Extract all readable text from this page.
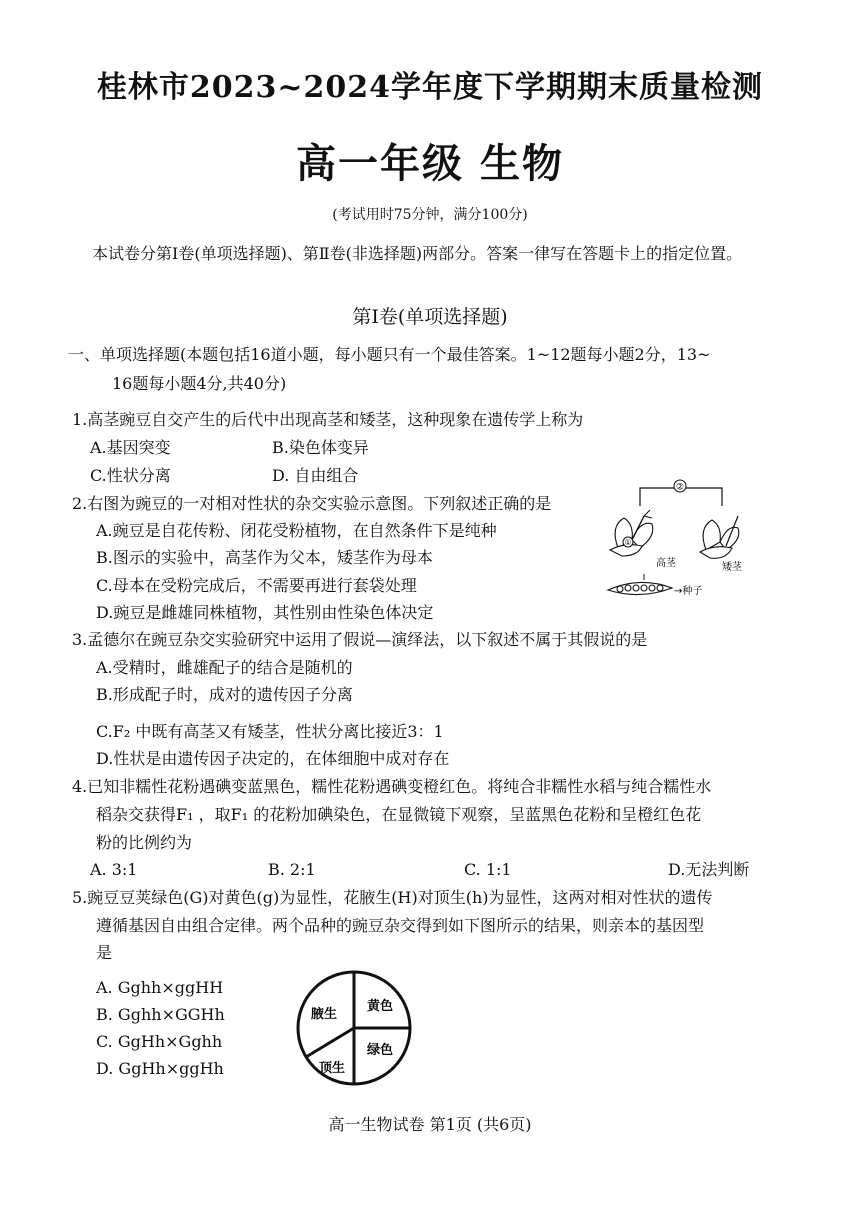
桂林市2023~2024学年度下学期期末质量检测
高一年级 生物
(考试用时75分钟，满分100分)
本试卷分第Ⅰ卷(单项选择题)、第Ⅱ卷(非选择题)两部分。答案一律写在答题卡上的指定位置。
第Ⅰ卷(单项选择题)
一、单项选择题(本题包括16道小题，每小题只有一个最佳答案。1~12题每小题2分，13~
16题每小题4分,共40分)
1.高茎豌豆自交产生的后代中出现高茎和矮茎，这种现象在遗传学上称为
A.基因突变	B.染色体变异
C.性状分离	D. 自由组合
2.右图为豌豆的一对相对性状的杂交实验示意图。下列叙述正确的是
A.豌豆是自花传粉、闭花受粉植物，在自然条件下是纯种
B.图示的实验中，高茎作为父本，矮茎作为母本
C.母本在受粉完成后，不需要再进行套袋处理
D.豌豆是雌雄同株植物，其性别由性染色体决定
②
①
高茎	矮茎
→种子
3.孟德尔在豌豆杂交实验研究中运用了假说—演绎法，以下叙述不属于其假说的是
A.受精时，雌雄配子的结合是随机的
B.形成配子时，成对的遗传因子分离
C.F₂ 中既有高茎又有矮茎，性状分离比接近3：1
D.性状是由遗传因子决定的，在体细胞中成对存在
4.已知非糯性花粉遇碘变蓝黑色，糯性花粉遇碘变橙红色。将纯合非糯性水稻与纯合糯性水
稻杂交获得F₁ ，取F₁ 的花粉加碘染色，在显微镜下观察，呈蓝黑色花粉和呈橙红色花
粉的比例约为
A. 3:1	B. 2:1	C. 1:1	D.无法判断
5.豌豆豆荚绿色(G)对黄色(g)为显性，花腋生(H)对顶生(h)为显性，这两对相对性状的遗传
遵循基因自由组合定律。两个品种的豌豆杂交得到如下图所示的结果，则亲本的基因型
是
A. Gghh×ggHH
B. Gghh×GGHh
C. GgHh×Gghh
D. GgHh×ggHh
腋生
黄色
绿色
顶生
高一生物试卷 第1页 (共6页)
